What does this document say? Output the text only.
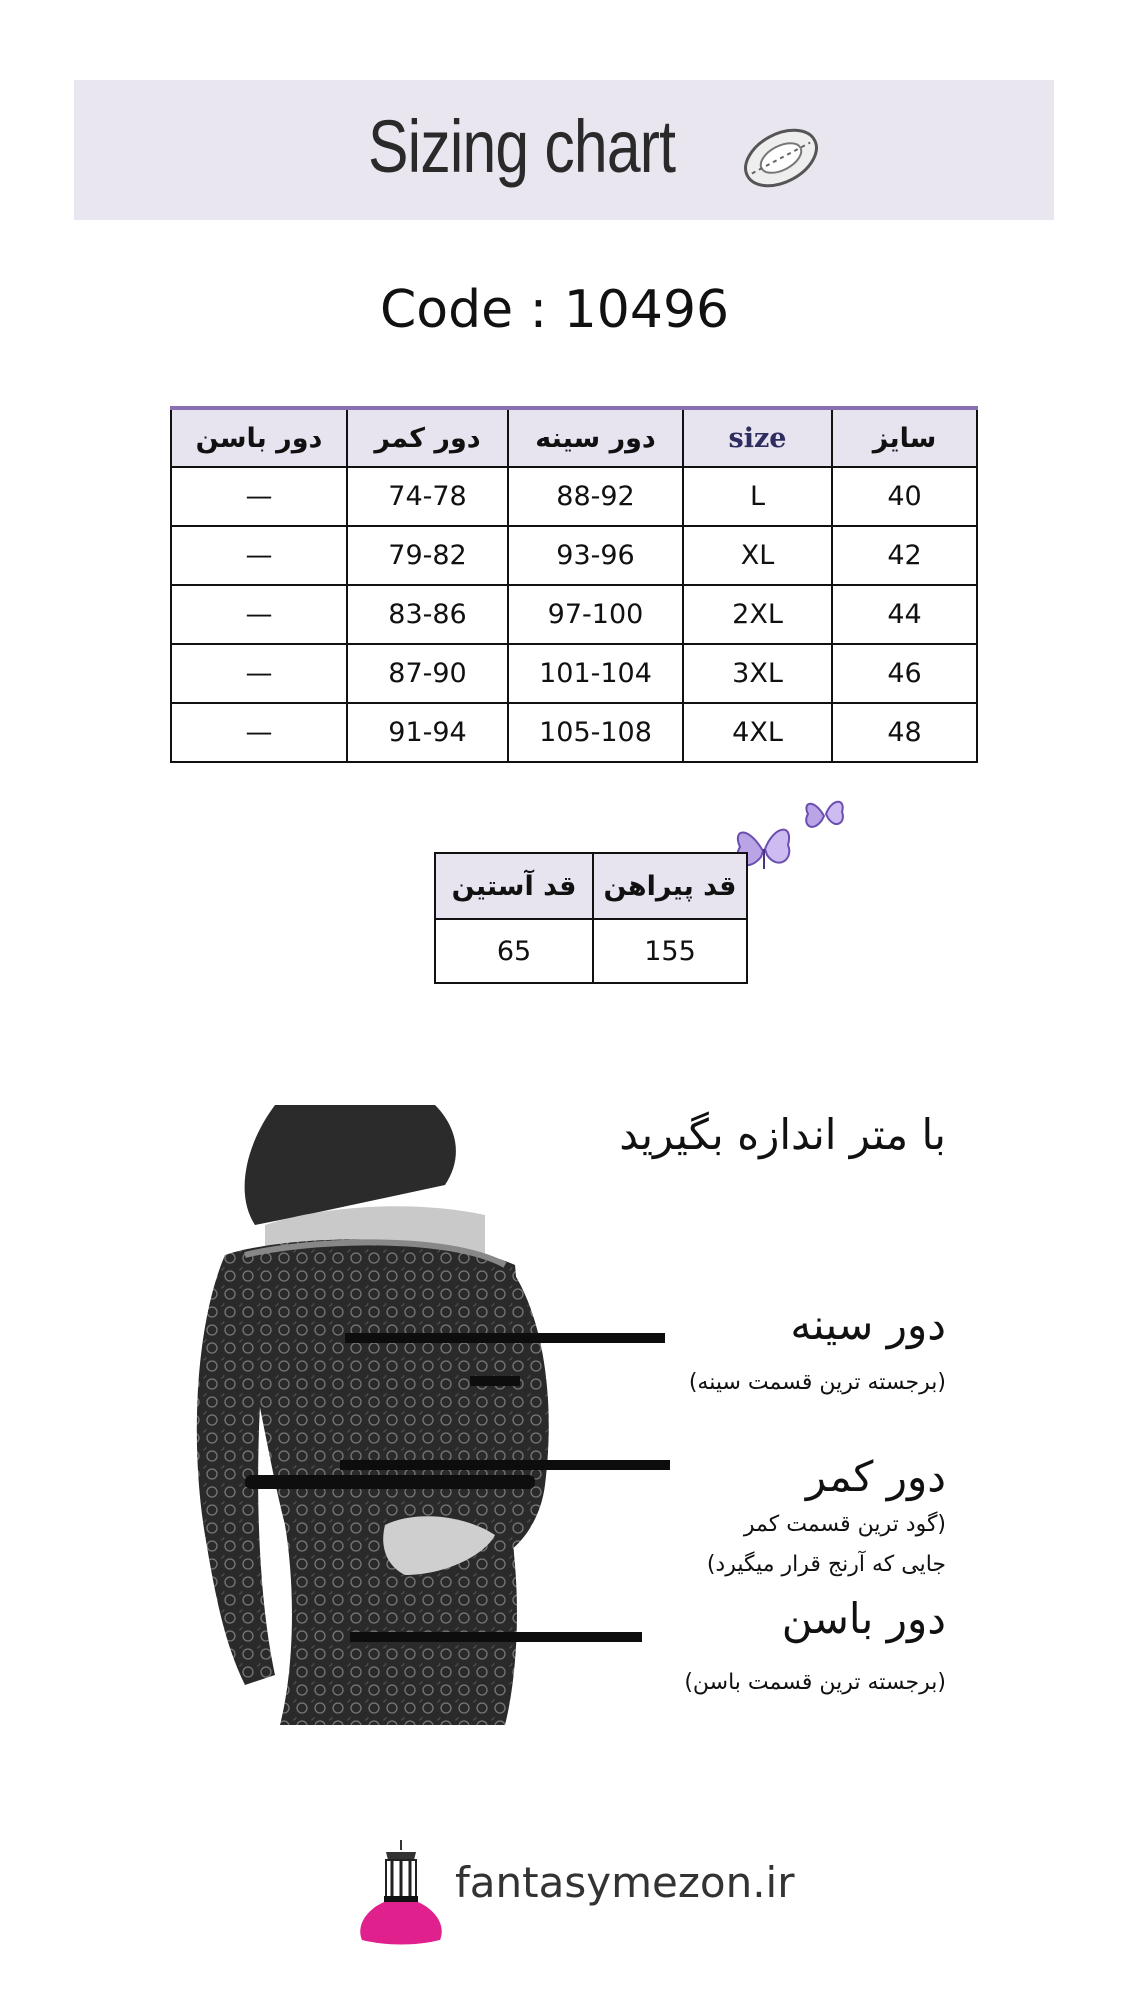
Sizing chart
Code : 10496
دور باسن	دور کمر	دور سینه	size	سایز
—	74-78	88-92	L	40
—	79-82	93-96	XL	42
—	83-86	97-100	2XL	44
—	87-90	101-104	3XL	46
—	91-94	105-108	4XL	48
قد آستین	قد پیراهن
65	155
با متر اندازه بگیرید
دور سینه
(برجسته ترین قسمت سینه)
دور کمر
(گود ترین قسمت کمر
جایی که آرنج قرار میگیرد)
دور باسن
(برجسته ترین قسمت باسن)
fantasymezon.ir
